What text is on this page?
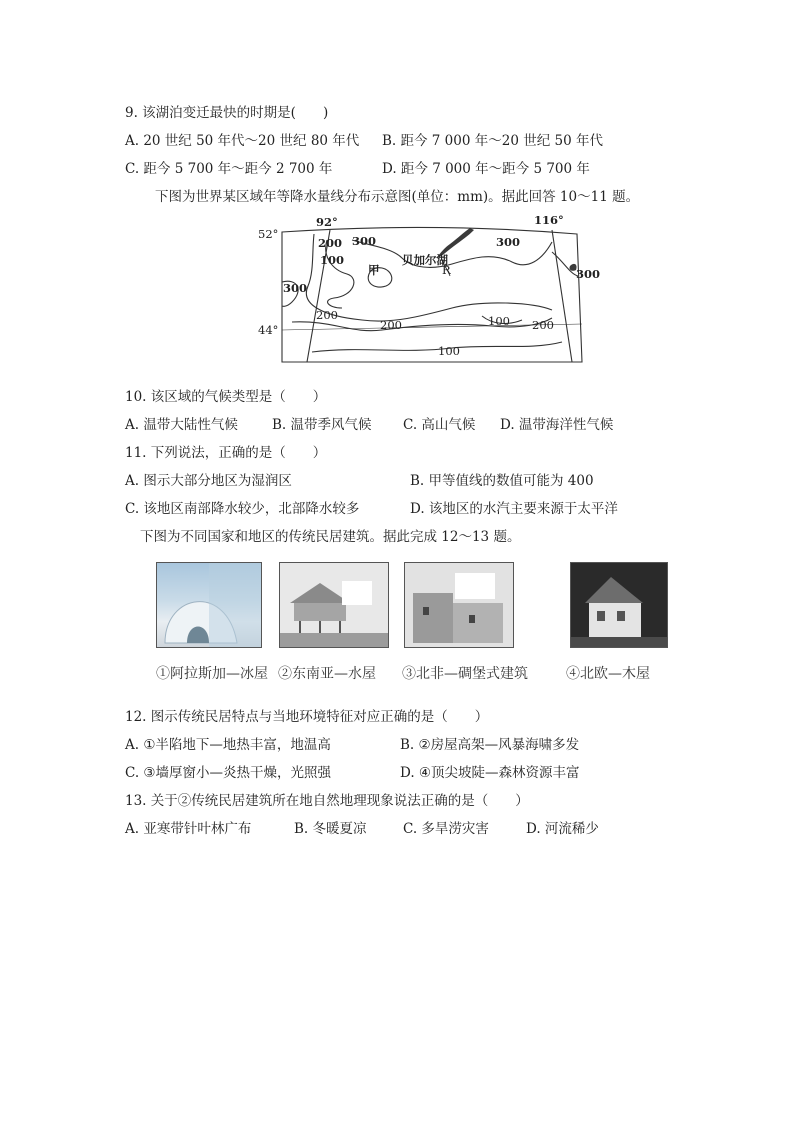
9. 该湖泊变迁最快的时期是(　　)
A. 20 世纪 50 年代～20 世纪 80 年代 B. 距今 7 000 年～20 世纪 50 年代
C. 距今 5 700 年～距今 2 700 年	D. 距今 7 000 年～距今 5 700 年
下图为世界某区域年等降水量线分布示意图(单位：mm)。据此回答 10～11 题。
92°	116°
52°
44°
200 300
100
300
300
300
200
200	100 200
100
甲
贝加尔湖
R
10. 该区域的气候类型是（　　）
A. 温带大陆性气候	B. 温带季风气候 C. 高山气候 D. 温带海洋性气候
11. 下列说法，正确的是（　　）
A. 图示大部分地区为湿润区	B. 甲等值线的数值可能为 400
C. 该地区南部降水较少，北部降水较多	D. 该地区的水汽主要来源于太平洋
下图为不同国家和地区的传统民居建筑。据此完成 12～13 题。
①阿拉斯加—冰屋 ②东南亚—水屋 ③北非—碉堡式建筑	④北欧—木屋
12. 图示传统民居特点与当地环境特征对应正确的是（　　）
A. ①半陷地下—地热丰富，地温高	B. ②房屋高架—风暴海啸多发
C. ③墙厚窗小—炎热干燥，光照强	D. ④顶尖坡陡—森林资源丰富
13. 关于②传统民居建筑所在地自然地理现象说法正确的是（　　）
A. 亚寒带针叶林广布	B. 冬暖夏凉	C. 多旱涝灾害	D. 河流稀少
